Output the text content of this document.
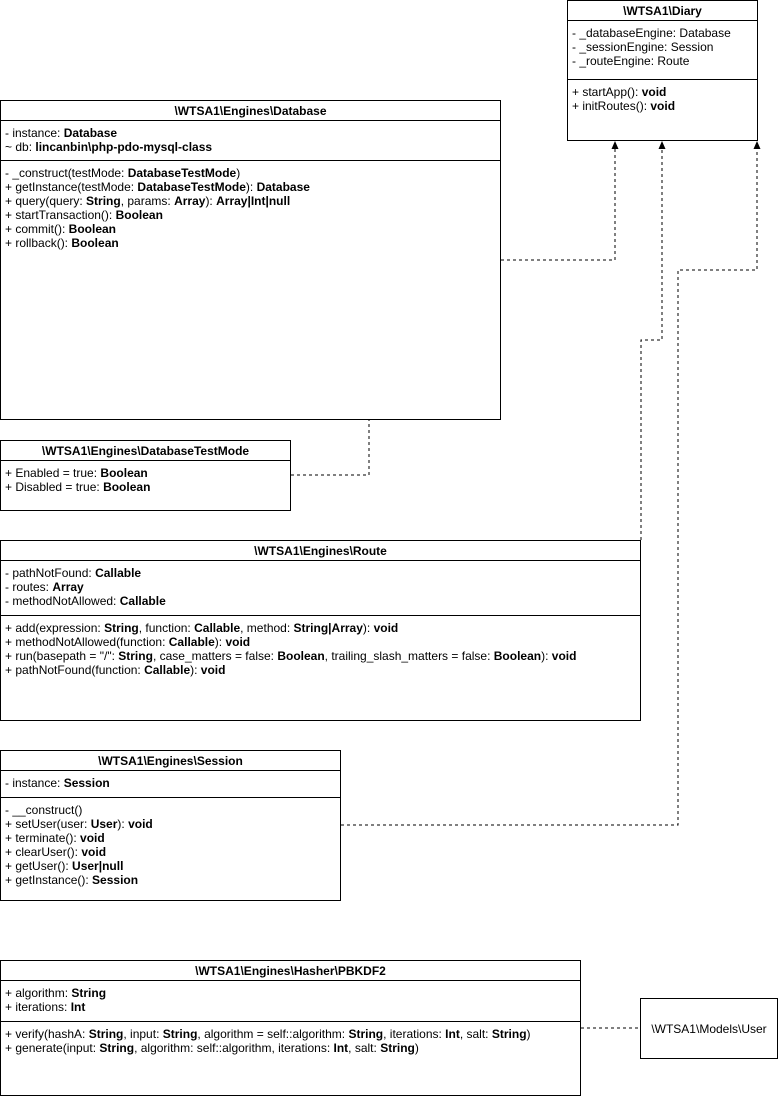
\WTSA1\Diary
- _databaseEngine: Database
- _sessionEngine: Session
- _routeEngine: Route
+ startApp(): void
+ initRoutes(): void
\WTSA1\Engines\Database
- instance: Database
~ db: lincanbin\php-pdo-mysql-class
- _construct(testMode: DatabaseTestMode)
+ getInstance(testMode: DatabaseTestMode): Database
+ query(query: String, params: Array): Array|Int|null
+ startTransaction(): Boolean
+ commit(): Boolean
+ rollback(): Boolean
\WTSA1\Engines\DatabaseTestMode
+ Enabled = true: Boolean
+ Disabled = true: Boolean
\WTSA1\Engines\Route
- pathNotFound: Callable
- routes: Array
- methodNotAllowed: Callable
+ add(expression: String, function: Callable, method: String|Array): void
+ methodNotAllowed(function: Callable): void
+ run(basepath = "/": String, case_matters = false: Boolean, trailing_slash_matters = false: Boolean): void
+ pathNotFound(function: Callable): void
\WTSA1\Engines\Session
- instance: Session
- __construct()
+ setUser(user: User): void
+ terminate(): void
+ clearUser(): void
+ getUser(): User|null
+ getInstance(): Session
\WTSA1\Engines\Hasher\PBKDF2
+ algorithm: String
+ iterations: Int
+ verify(hashA: String, input: String, algorithm = self::algorithm: String, iterations: Int, salt: String)
+ generate(input: String, algorithm: self::algorithm, iterations: Int, salt: String)
\WTSA1\Models\User
